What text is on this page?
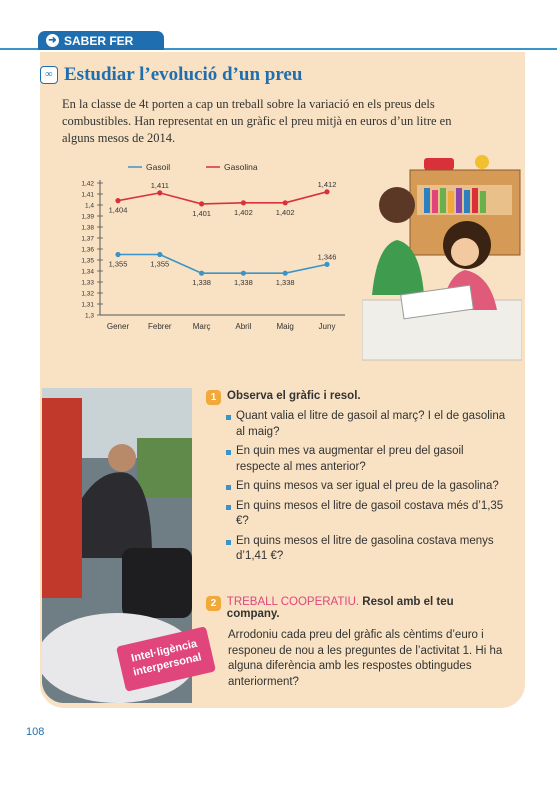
➜ SABER FER
∞ Estudiar l’evolució d’un preu
En la classe de 4t porten a cap un treball sobre la variació en els preus dels combustibles. Han representat en un gràfic el preu mitjà en euros d’un litre en alguns mesos de 2014.
1,3
1,31
1,32
1,33
1,34
1,35
1,36
1,37
1,38
1,39
1,4
1,41
1,42
Gener Febrer	Març	Abril	Maig	Juny
Gasoil	Gasolina
1,355	1,355
1,338	1,338	1,338
1,346
1,404
1,411
1,401	1,402	1,402
1,412
Intel·ligència interpersonal
1 Observa el gràfic i resol.
Quant valia el litre de gasoil al març? I el de gasolina al maig?
En quin mes va augmentar el preu del gasoil respecte al mes anterior?
En quins mesos va ser igual el preu de la gasolina?
En quins mesos el litre de gasoil costava més d’1,35 €?
En quins mesos el litre de gasolina costava menys d’1,41 €?
2 TREBALL COOPERATIU. Resol amb el teu company.
Arrodoniu cada preu del gràfic als cèntims d’euro i responeu de nou a les preguntes de l’activitat 1. Hi ha alguna diferència amb les respostes obtingudes anteriorment?
108
